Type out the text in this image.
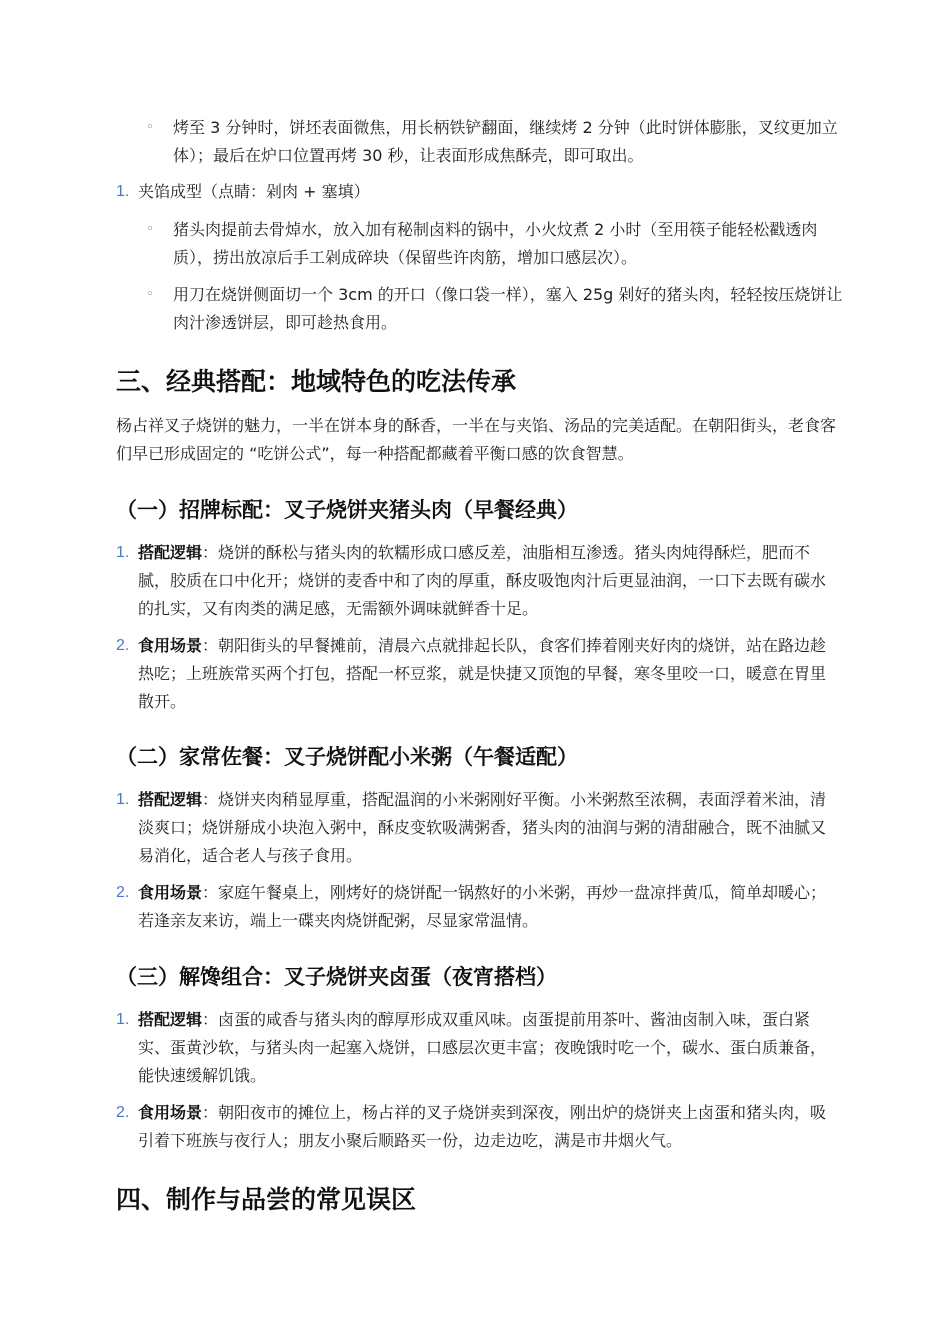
◦ 烤至 3 分钟时，饼坯表面微焦，用长柄铁铲翻面，继续烤 2 分钟（此时饼体膨胀，叉纹更加立体）；最后在炉口位置再烤 30 秒，让表面形成焦酥壳，即可取出。
1. 夹馅成型（点睛：剁肉 + 塞填）
◦ 猪头肉提前去骨焯水，放入加有秘制卤料的锅中，小火炆煮 2 小时（至用筷子能轻松戳透肉质），捞出放凉后手工剁成碎块（保留些许肉筋，增加口感层次）。
◦ 用刀在烧饼侧面切一个 3cm 的开口（像口袋一样），塞入 25g 剁好的猪头肉，轻轻按压烧饼让肉汁渗透饼层，即可趁热食用。
三、经典搭配：地域特色的吃法传承
杨占祥叉子烧饼的魅力，一半在饼本身的酥香，一半在与夹馅、汤品的完美适配。在朝阳街头，老食客们早已形成固定的 “吃饼公式”，每一种搭配都藏着平衡口感的饮食智慧。
（一）招牌标配：叉子烧饼夹猪头肉（早餐经典）
1. 搭配逻辑：烧饼的酥松与猪头肉的软糯形成口感反差，油脂相互渗透。猪头肉炖得酥烂，肥而不腻，胶质在口中化开；烧饼的麦香中和了肉的厚重，酥皮吸饱肉汁后更显油润，一口下去既有碳水的扎实，又有肉类的满足感，无需额外调味就鲜香十足。
2. 食用场景：朝阳街头的早餐摊前，清晨六点就排起长队，食客们捧着刚夹好肉的烧饼，站在路边趁热吃；上班族常买两个打包，搭配一杯豆浆，就是快捷又顶饱的早餐，寒冬里咬一口，暖意在胃里散开。
（二）家常佐餐：叉子烧饼配小米粥（午餐适配）
1. 搭配逻辑：烧饼夹肉稍显厚重，搭配温润的小米粥刚好平衡。小米粥熬至浓稠，表面浮着米油，清淡爽口；烧饼掰成小块泡入粥中，酥皮变软吸满粥香，猪头肉的油润与粥的清甜融合，既不油腻又易消化，适合老人与孩子食用。
2. 食用场景：家庭午餐桌上，刚烤好的烧饼配一锅熬好的小米粥，再炒一盘凉拌黄瓜，简单却暖心；若逢亲友来访，端上一碟夹肉烧饼配粥，尽显家常温情。
（三）解馋组合：叉子烧饼夹卤蛋（夜宵搭档）
1. 搭配逻辑：卤蛋的咸香与猪头肉的醇厚形成双重风味。卤蛋提前用茶叶、酱油卤制入味，蛋白紧实、蛋黄沙软，与猪头肉一起塞入烧饼，口感层次更丰富；夜晚饿时吃一个，碳水、蛋白质兼备，能快速缓解饥饿。
2. 食用场景：朝阳夜市的摊位上，杨占祥的叉子烧饼卖到深夜，刚出炉的烧饼夹上卤蛋和猪头肉，吸引着下班族与夜行人；朋友小聚后顺路买一份，边走边吃，满是市井烟火气。
四、制作与品尝的常见误区
